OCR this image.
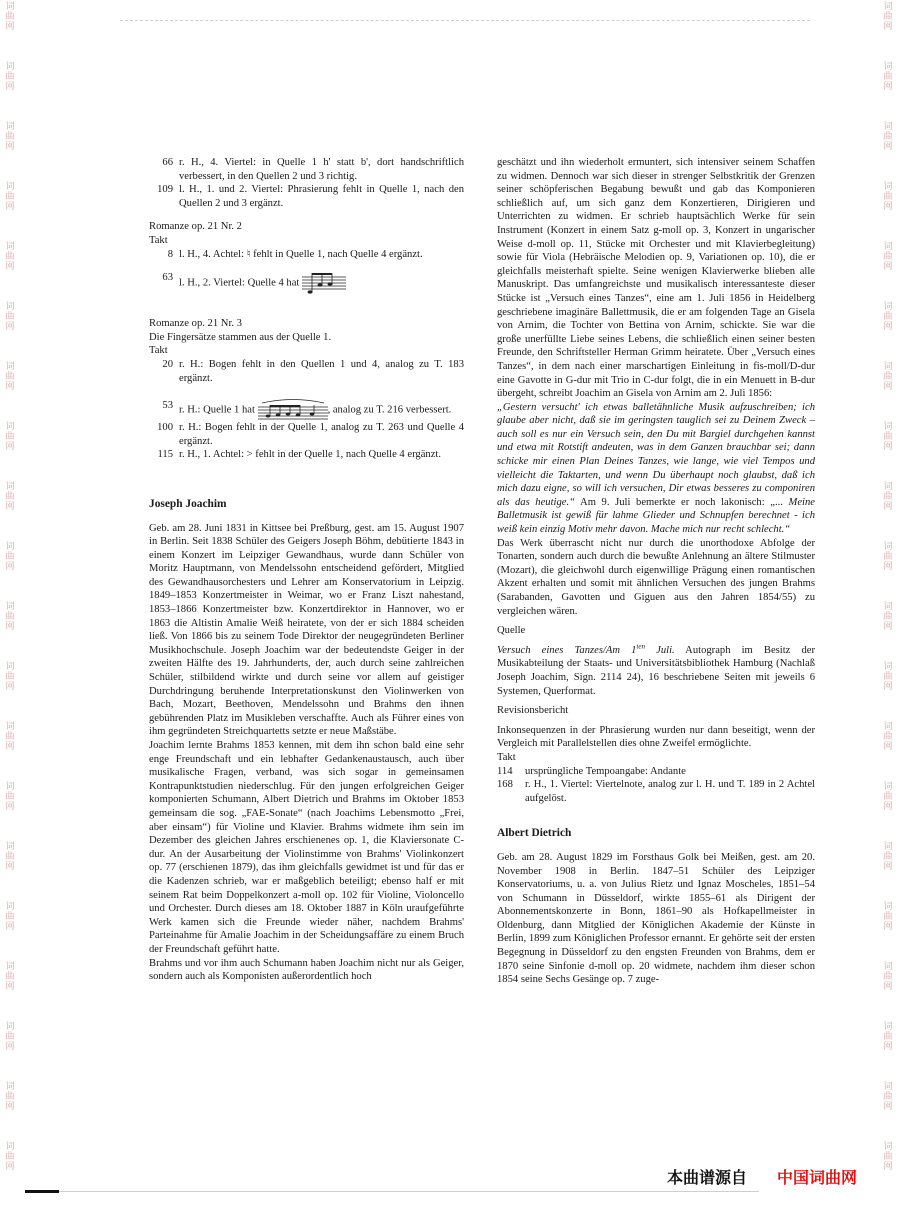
词
曲
网
词
曲
网
词
曲
网
词
曲
网
词
曲
网
词
曲
网
词
曲
网
词
曲
网
词
曲
网
词
曲
网
词
曲
网
词
曲
网
词
曲
网
词
曲
网
词
曲
网
词
曲
网
词
曲
网
词
曲
网
词
曲
网
词
曲
网
词
曲
网
词
曲
网
词
曲
网
词
曲
网
词
曲
网
词
曲
网
词
曲
网
词
曲
网
词
曲
网
词
曲
网
词
曲
网
词
曲
网
词
曲
网
词
曲
网
词
曲
网
词
曲
网
词
曲
网
词
曲
网
词
曲
网
词
曲
网
66 r. H., 4. Viertel: in Quelle 1 h' statt b', dort handschriftlich verbessert, in den Quellen 2 und 3 richtig.
109 l. H., 1. und 2. Viertel: Phrasierung fehlt in Quelle 1, nach den Quellen 2 und 3 ergänzt.

Romanze op. 21 Nr. 2

Takt

8 l. H., 4. Achtel: ♮ fehlt in Quelle 1, nach Quelle 4 ergänzt.
63 l. H., 2. Viertel: Quelle 4 hat

Romanze op. 21 Nr. 3

Die Fingersätze stammen aus der Quelle 1.

Takt

20 r. H.: Bogen fehlt in den Quellen 1 und 4, analog zu T. 183 ergänzt.
53 r. H.: Quelle 1 hat	, analog zu T. 216 verbessert.
100 r. H.: Bogen fehlt in der Quelle 1, analog zu T. 263 und Quelle 4 ergänzt.
115 r. H., 1. Achtel: > fehlt in der Quelle 1, nach Quelle 4 ergänzt.

Joseph Joachim

Geb. am 28. Juni 1831 in Kittsee bei Preßburg, gest. am 15. August 1907 in Berlin. Seit 1838 Schüler des Geigers Joseph Böhm, debütierte 1843 in einem Konzert im Leipziger Gewandhaus, wurde dann Schüler von Moritz Hauptmann, von Mendelssohn entscheidend gefördert, Mitglied des Gewandhausorchesters und Lehrer am Konservatorium in Leipzig. 1849–1853 Konzertmeister in Weimar, wo er Franz Liszt nahestand, 1853–1866 Konzertmeister bzw. Konzertdirektor in Hannover, wo er 1863 die Altistin Amalie Weiß heiratete, von der er sich 1884 scheiden ließ. Von 1866 bis zu seinem Tode Direktor der neugegründeten Berliner Musikhochschule. Joseph Joachim war der bedeutendste Geiger in der zweiten Hälfte des 19. Jahrhunderts, der, auch durch seine zahlreichen Schüler, stilbildend wirkte und durch seine vor allem auf geistiger Durchdringung beruhende Interpretationskunst den Violinwerken von Bach, Mozart, Beethoven, Mendelssohn und Brahms den ihnen gebührenden Platz im Musikleben verschaffte. Auch als Führer eines von ihm gegründeten Streichquartetts setzte er neue Maßstäbe.

Joachim lernte Brahms 1853 kennen, mit dem ihn schon bald eine sehr enge Freundschaft und ein lebhafter Gedankenaustausch, auch über musikalische Fragen, verband, was sich sogar in gemeinsamen Kontrapunktstudien niederschlug. Für den jungen erfolgreichen Geiger komponierten Schumann, Albert Dietrich und Brahms im Oktober 1853 gemeinsam die sog. „FAE-Sonate“ (nach Joachims Lebensmotto „Frei, aber einsam“) für Violine und Klavier. Brahms widmete ihm sein im Dezember des gleichen Jahres erschienenes op. 1, die Klaviersonate C-dur. An der Ausarbeitung der Violinstimme von Brahms' Violinkonzert op. 77 (erschienen 1879), das ihm gleichfalls gewidmet ist und für das er die Kadenzen schrieb, war er maßgeblich beteiligt; ebenso half er mit seinem Rat beim Doppelkonzert a-moll op. 102 für Violine, Violoncello und Orchester. Durch dieses am 18. Oktober 1887 in Köln uraufgeführte Werk kamen sich die Freunde wieder näher, nachdem Brahms' Parteinahme für Amalie Joachim in der Scheidungsaffäre zu einem Bruch der Freundschaft geführt hatte.

Brahms und vor ihm auch Schumann haben Joachim nicht nur als Geiger, sondern auch als Komponisten außerordentlich hoch

geschätzt und ihn wiederholt ermuntert, sich intensiver seinem Schaffen zu widmen. Dennoch war sich dieser in strenger Selbstkritik der Grenzen seiner schöpferischen Begabung bewußt und gab das Komponieren schließlich auf, um sich ganz dem Konzertieren, Dirigieren und Unterrichten zu widmen. Er schrieb hauptsächlich Werke für sein Instrument (Konzert in einem Satz g-moll op. 3, Konzert in ungarischer Weise d-moll op. 11, Stücke mit Orchester und mit Klavierbegleitung) sowie für Viola (Hebräische Melodien op. 9, Variationen op. 10), die er gleichfalls meisterhaft spielte. Seine wenigen Klavierwerke blieben alle Manuskript. Das umfangreichste und musikalisch interessanteste dieser Stücke ist „Versuch eines Tanzes“, eine am 1. Juli 1856 in Heidelberg geschriebene imaginäre Ballettmusik, die er am folgenden Tage an Gisela von Arnim, die Tochter von Bettina von Arnim, schickte. Sie war die große unerfüllte Liebe seines Lebens, die schließlich einen seiner besten Freunde, den Schriftsteller Herman Grimm heiratete. Über „Versuch eines Tanzes“, in dem nach einer marschartigen Einleitung in fis-moll/D-dur eine Gavotte in G-dur mit Trio in C-dur folgt, die in ein Menuett in B-dur übergeht, schreibt Joachim an Gisela von Arnim am 2. Juli 1856:

„Gestern versucht' ich etwas balletähnliche Musik aufzuschreiben; ich glaube aber nicht, daß sie im geringsten tauglich sei zu Deinem Zweck – auch soll es nur ein Versuch sein, den Du mit Bargiel durchgehen kannst und etwa mit Rotstift andeuten, was in dem Ganzen brauchbar sei; dann schicke mir einen Plan Deines Tanzes, wie lange, wie viel Tempos und vielleicht die Taktarten, und wenn Du überhaupt noch glaubst, daß ich mich dazu eigne, so will ich versuchen, Dir etwas besseres zu componiren als das heutige.“ Am 9. Juli bemerkte er noch lakonisch: „... Meine Balletmusik ist gewiß für lahme Glieder und Schnupfen berechnet - ich weiß kein einzig Motiv mehr davon. Mache mich nur recht schlecht.“

Das Werk überrascht nicht nur durch die unorthodoxe Abfolge der Tonarten, sondern auch durch die bewußte Anlehnung an ältere Stilmuster (Mozart), die gleichwohl durch eigenwillige Prägung einen romantischen Akzent erhalten und somit mit ähnlichen Versuchen des jungen Brahms (Sarabanden, Gavotten und Giguen aus den Jahren 1854/55) zu vergleichen wären.

Quelle

Versuch eines Tanzes/Am $1^{ten}$ Juli. Autograph im Besitz der Musikabteilung der Staats- und Universitätsbibliothek Hamburg (Nachlaß Joseph Joachim, Sign. 2114 24), 16 beschriebene Seiten mit jeweils 6 Systemen, Querformat.

Revisionsbericht

Inkonsequenzen in der Phrasierung wurden nur dann beseitigt, wenn der Vergleich mit Parallelstellen dies ohne Zweifel ermöglichte.

Takt

114	ursprüngliche Tempoangabe: Andante
168	r. H., 1. Viertel: Viertelnote, analog zur l. H. und T. 189 in 2 Achtel aufgelöst.

Albert Dietrich

Geb. am 28. August 1829 im Forsthaus Golk bei Meißen, gest. am 20. November 1908 in Berlin. 1847–51 Schüler des Leipziger Konservatoriums, u. a. von Julius Rietz und Ignaz Moscheles, 1851–54 von Schumann in Düsseldorf, wirkte 1855–61 als Dirigent der Abonnementskonzerte in Bonn, 1861–90 als Hofkapellmeister in Oldenburg, dann Mitglied der Königlichen Akademie der Künste in Berlin, 1899 zum Königlichen Professor ernannt. Er gehörte seit der ersten Begegnung in Düsseldorf zu den engsten Freunden von Brahms, dem er 1870 seine Sinfonie d-moll op. 20 widmete, nachdem ihm dieser schon 1854 seine Sechs Gesänge op. 7 zuge-

本曲谱源自 中国词曲网
